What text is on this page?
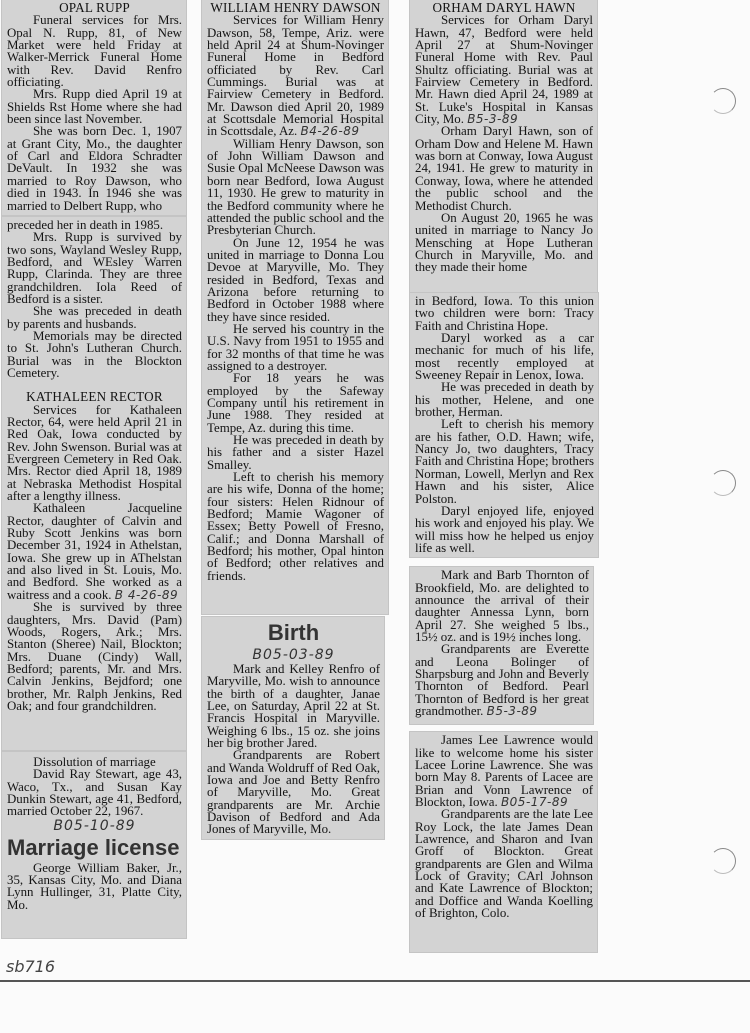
OPAL RUPP

Funeral services for Mrs. Opal N. Rupp, 81, of New Market were held Friday at Walker-Merrick Funeral Home with Rev. David Renfro officiating.

Mrs. Rupp died April 19 at Shields Rst Home where she had been since last November.

She was born Dec. 1, 1907 at Grant City, Mo., the daughter of Carl and Eldora Schradter DeVault. In 1932 she was married to Roy Dawson, who died in 1943. In 1946 she was married to Delbert Rupp, who

preceded her in death in 1985.

Mrs. Rupp is survived by two sons, Wayland Wesley Rupp, Bedford, and WEsley Warren Rupp, Clarinda. They are three grandchildren. Iola Reed of Bedford is a sister.

She was preceded in death by parents and husbands.

Memorials may be directed to St. John's Lutheran Church. Burial was in the Blockton Cemetery.

KATHALEEN RECTOR

Services for Kathaleen Rector, 64, were held April 21 in Red Oak, Iowa conducted by Rev. John Swenson. Burial was at Evergreen Cemetery in Red Oak. Mrs. Rector died April 18, 1989 at Nebraska Methodist Hospital after a lengthy illness.

Kathaleen Jacqueline Rector, daughter of Calvin and Ruby Scott Jenkins was born December 31, 1924 in Athelstan, Iowa. She grew up in AThelstan and also lived in St. Louis, Mo. and Bedford. She worked as a waitress and a cook. B 4-26-89

She is survived by three daughters, Mrs. David (Pam) Woods, Rogers, Ark.; Mrs. Stanton (Sheree) Nail, Blockton; Mrs. Duane (Cindy) Wall, Bedford; parents, Mr. and Mrs. Calvin Jenkins, Bejdford; one brother, Mr. Ralph Jenkins, Red Oak; and four grandchildren.

Dissolution of marriage

David Ray Stewart, age 43, Waco, Tx., and Susan Kay Dunkin Stewart, age 41, Bedford, married October 22, 1967.

B05-10-89
Marriage license

George William Baker, Jr., 35, Kansas City, Mo. and Diana Lynn Hullinger, 31, Platte City, Mo.

sb716
WILLIAM HENRY DAWSON

Services for William Henry Dawson, 58, Tempe, Ariz. were held April 24 at Shum-Novinger Funeral Home in Bedford officiated by Rev. Carl Cummings. Burial was at Fairview Cemetery in Bedford. Mr. Dawson died April 20, 1989 at Scottsdale Memorial Hospital in Scottsdale, Az. B4-26-89

William Henry Dawson, son of John William Dawson and Susie Opal McNeese Dawson was born near Bedford, Iowa August 11, 1930. He grew to maturity in the Bedford community where he attended the public school and the Presbyterian Church.

On June 12, 1954 he was united in marriage to Donna Lou Devoe at Maryville, Mo. They resided in Bedford, Texas and Arizona before returning to Bedford in October 1988 where they have since resided.

He served his country in the U.S. Navy from 1951 to 1955 and for 32 months of that time he was assigned to a destroyer.

For 18 years he was employed by the Safeway Company until his retirement in June 1988. They resided at Tempe, Az. during this time.

He was preceded in death by his father and a sister Hazel Smalley.

Left to cherish his memory are his wife, Donna of the home; four sisters: Helen Ridnour of Bedford; Mamie Wagoner of Essex; Betty Powell of Fresno, Calif.; and Donna Marshall of Bedford; his mother, Opal hinton of Bedford; other relatives and friends.

Birth
B05-03-89

Mark and Kelley Renfro of Maryville, Mo. wish to announce the birth of a daughter, Janae Lee, on Saturday, April 22 at St. Francis Hospital in Maryville. Weighing 6 lbs., 15 oz. she joins her big brother Jared.

Grandparents are Robert and Wanda Woldruff of Red Oak, Iowa and Joe and Betty Renfro of Maryville, Mo. Great grandparents are Mr. Archie Davison of Bedford and Ada Jones of Maryville, Mo.

ORHAM DARYL HAWN

Services for Orham Daryl Hawn, 47, Bedford were held April 27 at Shum-Novinger Funeral Home with Rev. Paul Shultz officiating. Burial was at Fairview Cemetery in Bedford. Mr. Hawn died April 24, 1989 at St. Luke's Hospital in Kansas City, Mo. B5-3-89

Orham Daryl Hawn, son of Orham Dow and Helene M. Hawn was born at Conway, Iowa August 24, 1941. He grew to maturity in Conway, Iowa, where he attended the public school and the Methodist Church.

On August 20, 1965 he was united in marriage to Nancy Jo Mensching at Hope Lutheran Church in Maryville, Mo. and they made their home

in Bedford, Iowa. To this union two children were born: Tracy Faith and Christina Hope.

Daryl worked as a car mechanic for much of his life, most recently employed at Sweeney Repair in Lenox, Iowa.

He was preceded in death by his mother, Helene, and one brother, Herman.

Left to cherish his memory are his father, O.D. Hawn; wife, Nancy Jo, two daughters, Tracy Faith and Christina Hope; brothers Norman, Lowell, Merlyn and Rex Hawn and his sister, Alice Polston.

Daryl enjoyed life, enjoyed his work and enjoyed his play. We will miss how he helped us enjoy life as well.

Mark and Barb Thornton of Brookfield, Mo. are delighted to announce the arrival of their daughter Annessa Lynn, born April 27. She weighed 5 lbs., 15½ oz. and is 19½ inches long.

Grandparents are Everette and Leona Bolinger of Sharpsburg and John and Beverly Thornton of Bedford. Pearl Thornton of Bedford is her great grandmother. B5-3-89

James Lee Lawrence would like to welcome home his sister Lacee Lorine Lawrence. She was born May 8. Parents of Lacee are Brian and Vonn Lawrence of Blockton, Iowa. B05-17-89

Grandparents are the late Lee Roy Lock, the late James Dean Lawrence, and Sharon and Ivan Groff of Blockton. Great grandparents are Glen and Wilma Lock of Gravity; CArl Johnson and Kate Lawrence of Blockton; and Doffice and Wanda Koelling of Brighton, Colo.
